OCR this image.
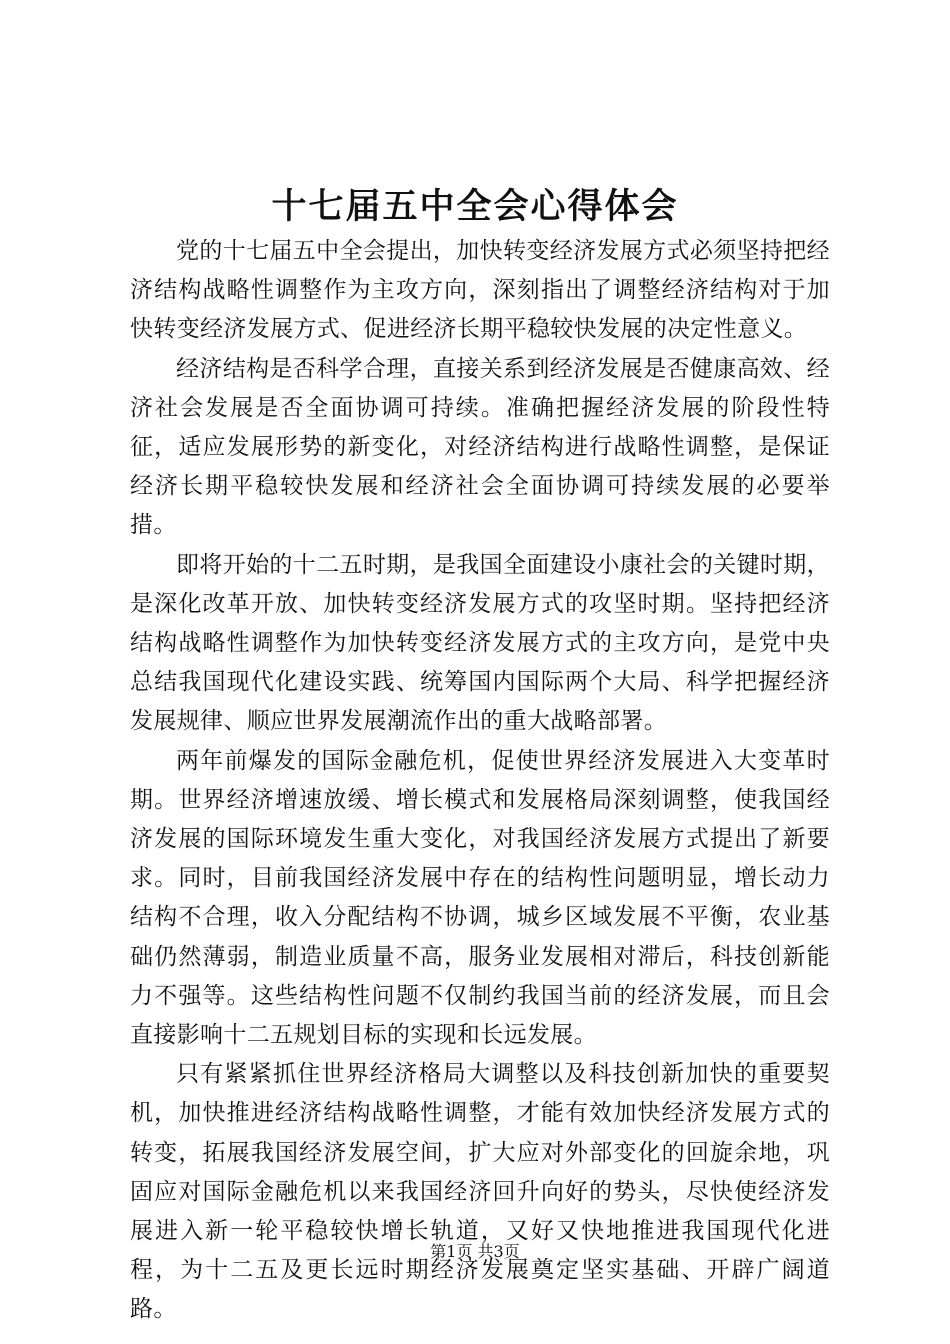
十七届五中全会心得体会

党的十七届五中全会提出，加快转变经济发展方式必须坚持把经济结构战略性调整作为主攻方向，深刻指出了调整经济结构对于加快转变经济发展方式、促进经济长期平稳较快发展的决定性意义。

经济结构是否科学合理，直接关系到经济发展是否健康高效、经济社会发展是否全面协调可持续。准确把握经济发展的阶段性特征，适应发展形势的新变化，对经济结构进行战略性调整，是保证经济长期平稳较快发展和经济社会全面协调可持续发展的必要举措。

即将开始的十二五时期，是我国全面建设小康社会的关键时期，是深化改革开放、加快转变经济发展方式的攻坚时期。坚持把经济结构战略性调整作为加快转变经济发展方式的主攻方向，是党中央总结我国现代化建设实践、统筹国内国际两个大局、科学把握经济发展规律、顺应世界发展潮流作出的重大战略部署。

两年前爆发的国际金融危机，促使世界经济发展进入大变革时期。世界经济增速放缓、增长模式和发展格局深刻调整，使我国经济发展的国际环境发生重大变化，对我国经济发展方式提出了新要求。同时，目前我国经济发展中存在的结构性问题明显，增长动力结构不合理，收入分配结构不协调，城乡区域发展不平衡，农业基础仍然薄弱，制造业质量不高，服务业发展相对滞后，科技创新能力不强等。这些结构性问题不仅制约我国当前的经济发展，而且会直接影响十二五规划目标的实现和长远发展。

只有紧紧抓住世界经济格局大调整以及科技创新加快的重要契机，加快推进经济结构战略性调整，才能有效加快经济发展方式的转变，拓展我国经济发展空间，扩大应对外部变化的回旋余地，巩固应对国际金融危机以来我国经济回升向好的势头，尽快使经济发展进入新一轮平稳较快增长轨道，又好又快地推进我国现代化进程，为十二五及更长远时期经济发展奠定坚实基础、开辟广阔道路。

第1页 共3页
